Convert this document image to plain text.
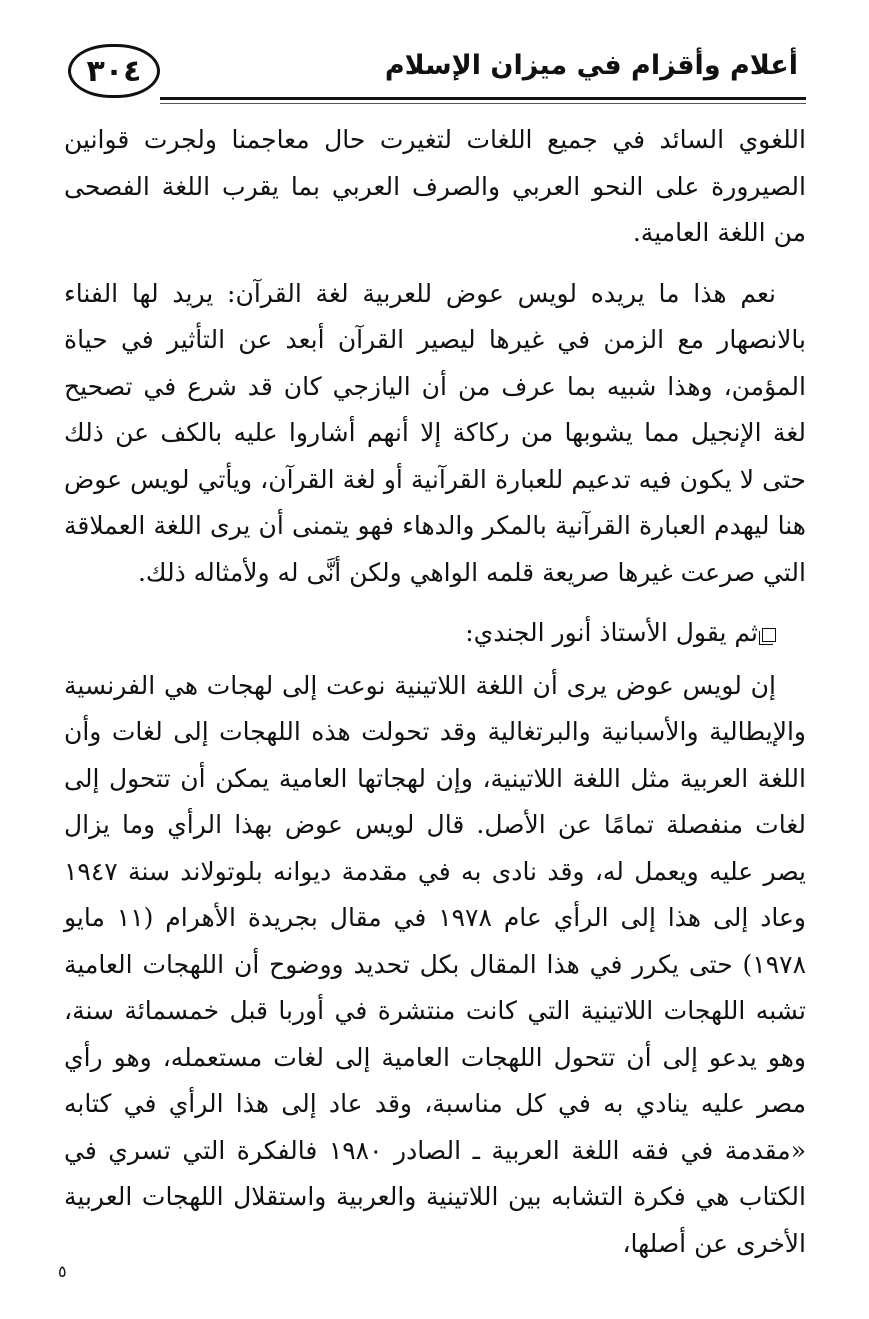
أعلام وأقزام في ميزان الإسلام
٣٠٤

اللغوي السائد في جميع اللغات لتغيرت حال معاجمنا ولجرت قوانين الصيرورة على النحو العربي والصرف العربي بما يقرب اللغة الفصحى من اللغة العامية.

نعم هذا ما يريده لويس عوض للعربية لغة القرآن: يريد لها الفناء بالانصهار مع الزمن في غيرها ليصير القرآن أبعد عن التأثير في حياة المؤمن، وهذا شبيه بما عرف من أن اليازجي كان قد شرع في تصحيح لغة الإنجيل مما يشوبها من ركاكة إلا أنهم أشاروا عليه بالكف عن ذلك حتى لا يكون فيه تدعيم للعبارة القرآنية أو لغة القرآن، ويأتي لويس عوض هنا ليهدم العبارة القرآنية بالمكر والدهاء فهو يتمنى أن يرى اللغة العملاقة التي صرعت غيرها صريعة قلمه الواهي ولكن أنَّى له ولأمثاله ذلك.

ثم يقول الأستاذ أنور الجندي:

إن لويس عوض يرى أن اللغة اللاتينية نوعت إلى لهجات هي الفرنسية والإيطالية والأسبانية والبرتغالية وقد تحولت هذه اللهجات إلى لغات وأن اللغة العربية مثل اللغة اللاتينية، وإن لهجاتها العامية يمكن أن تتحول إلى لغات منفصلة تمامًا عن الأصل. قال لويس عوض بهذا الرأي وما يزال يصر عليه ويعمل له، وقد نادى به في مقدمة ديوانه بلوتولاند سنة ١٩٤٧ وعاد إلى هذا إلى الرأي عام ١٩٧٨ في مقال بجريدة الأهرام (١١ مايو ١٩٧٨) حتى يكرر في هذا المقال بكل تحديد ووضوح أن اللهجات العامية تشبه اللهجات اللاتينية التي كانت منتشرة في أوربا قبل خمسمائة سنة، وهو يدعو إلى أن تتحول اللهجات العامية إلى لغات مستعمله، وهو رأي مصر عليه ينادي به في كل مناسبة، وقد عاد إلى هذا الرأي في كتابه «مقدمة في فقه اللغة العربية ـ الصادر ١٩٨٠ فالفكرة التي تسري في الكتاب هي فكرة التشابه بين اللاتينية والعربية واستقلال اللهجات العربية الأخرى عن أصلها،

٥
